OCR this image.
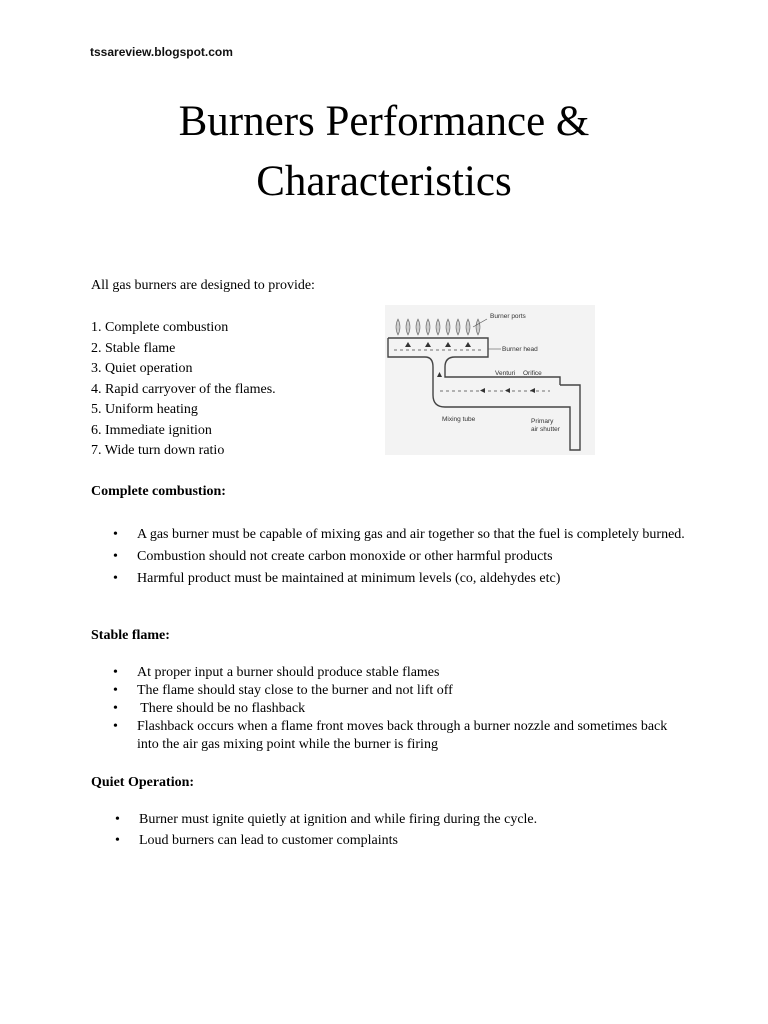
tssareview.blogspot.com
Burners Performance &
Characteristics

All gas burners are designed to provide:

1. Complete combustion
2. Stable flame
3. Quiet operation
4. Rapid carryover of the flames.
5. Uniform heating
6. Immediate ignition
7. Wide turn down ratio
Burner ports
Burner head
Venturi Orifice
Mixing tube	Primary
air shutter
Complete combustion:
• A gas burner must be capable of mixing gas and air together so that the fuel is completely burned.
• Combustion should not create carbon monoxide or other harmful products
• Harmful product must be maintained at minimum levels (co, aldehydes etc)
Stable flame:
• At proper input a burner should produce stable flames
• The flame should stay close to the burner and not lift off
• There should be no flashback
• Flashback occurs when a flame front moves back through a burner nozzle and sometimes back into the air gas mixing point while the burner is firing
Quiet Operation:
• Burner must ignite quietly at ignition and while firing during the cycle.
• Loud burners can lead to customer complaints
